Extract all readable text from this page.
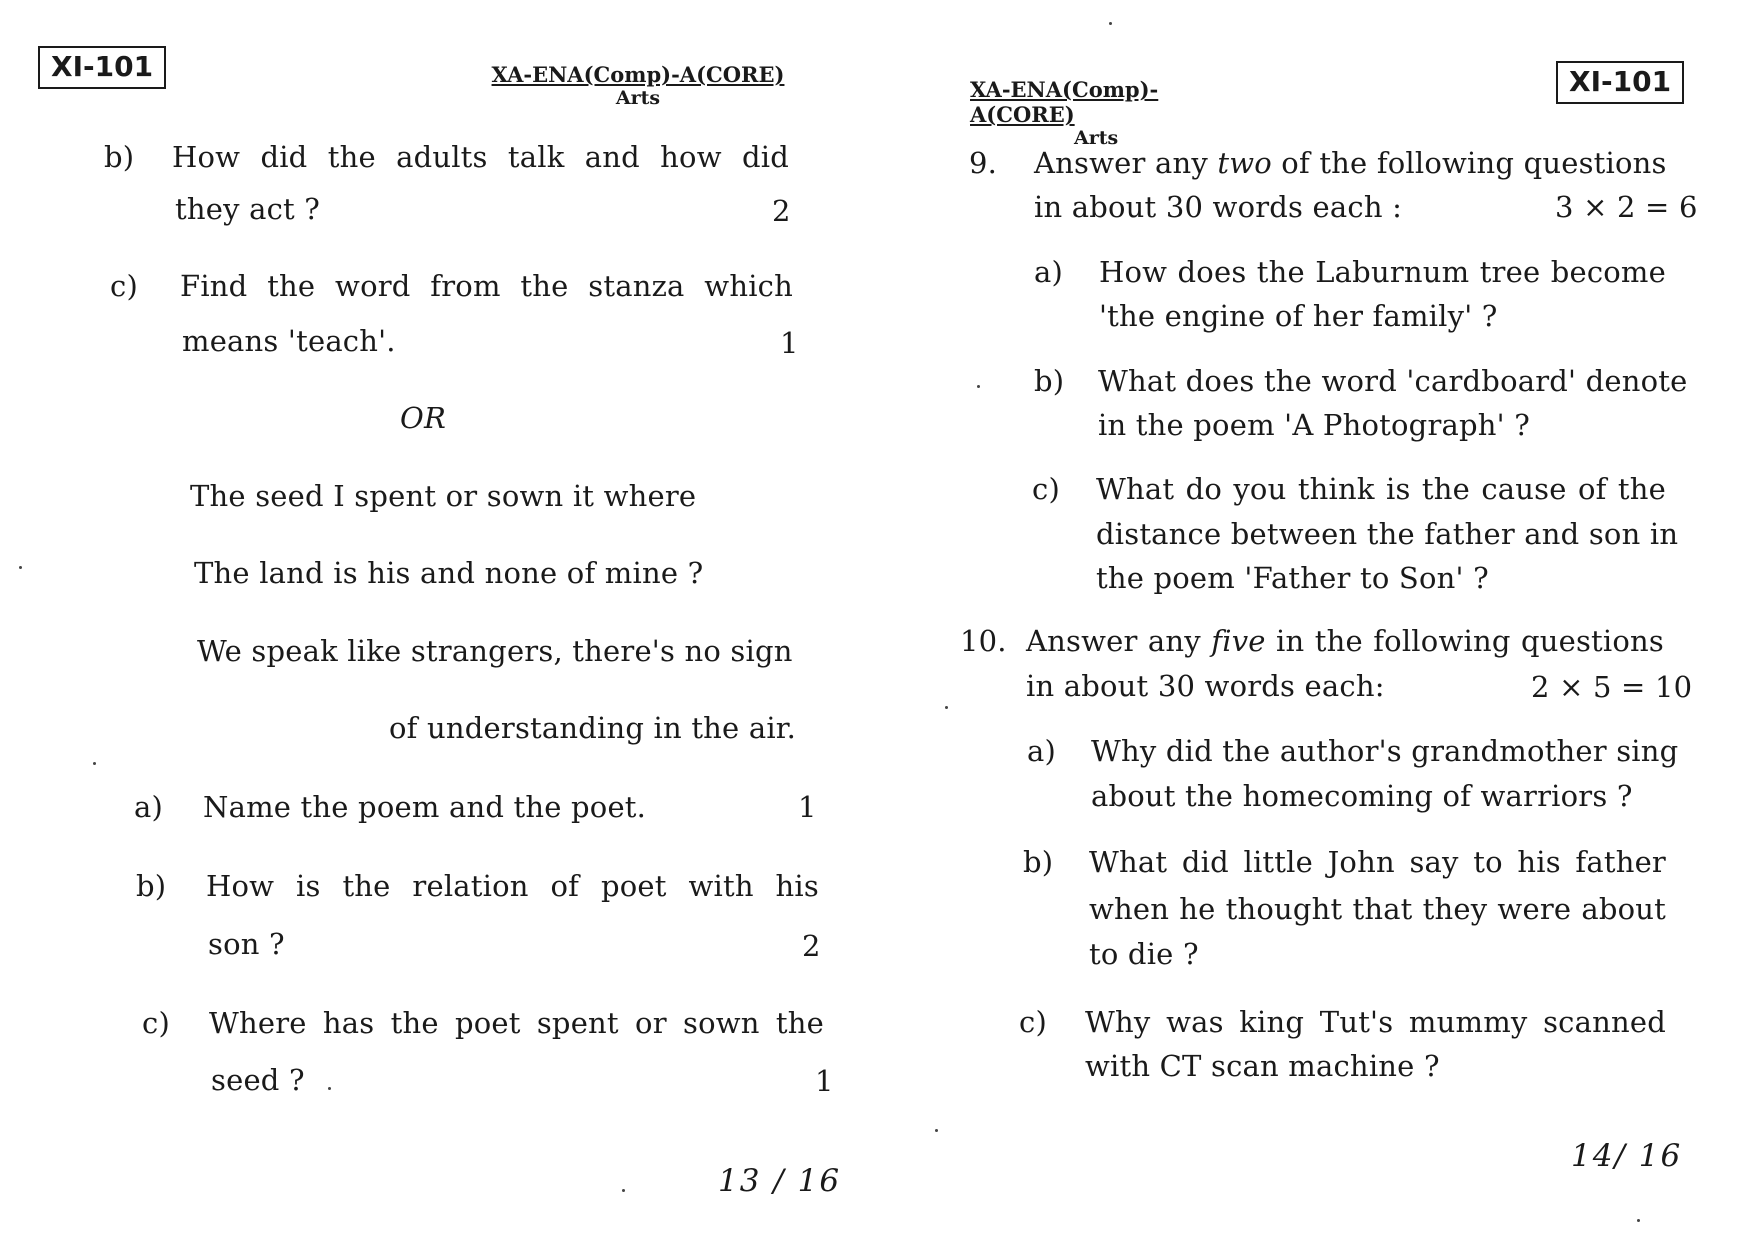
XI-101	XA-ENA(Comp)-A(CORE)
Arts
b) How did the adults talk and how did
they act ?	2
c) Find the word from the stanza which
means 'teach'.	1
OR
The seed I spent or sown it where
The land is his and none of mine ?
We speak like strangers, there's no sign
of understanding in the air.
a) Name the poem and the poet.	1
b) How is the relation of poet with his
son ?	2
c) Where has the poet spent or sown the
seed ?	1
13 / 16
XA-ENA(Comp)-A(CORE)
Arts
XI-101
9. Answer any two of the following questions
in about 30 words each :	3 × 2 = 6
a) How does the Laburnum tree become
'the engine of her family' ?
b) What does the word 'cardboard' denote
in the poem 'A Photograph' ?
c) What do you think is the cause of the
distance between the father and son in
the poem 'Father to Son' ?
10. Answer any five in the following questions
in about 30 words each:	2 × 5 = 10
a) Why did the author's grandmother sing
about the homecoming of warriors ?
b) What did little John say to his father
when he thought that they were about
to die ?
c) Why was king Tut's mummy scanned
with CT scan machine ?
14/ 16
